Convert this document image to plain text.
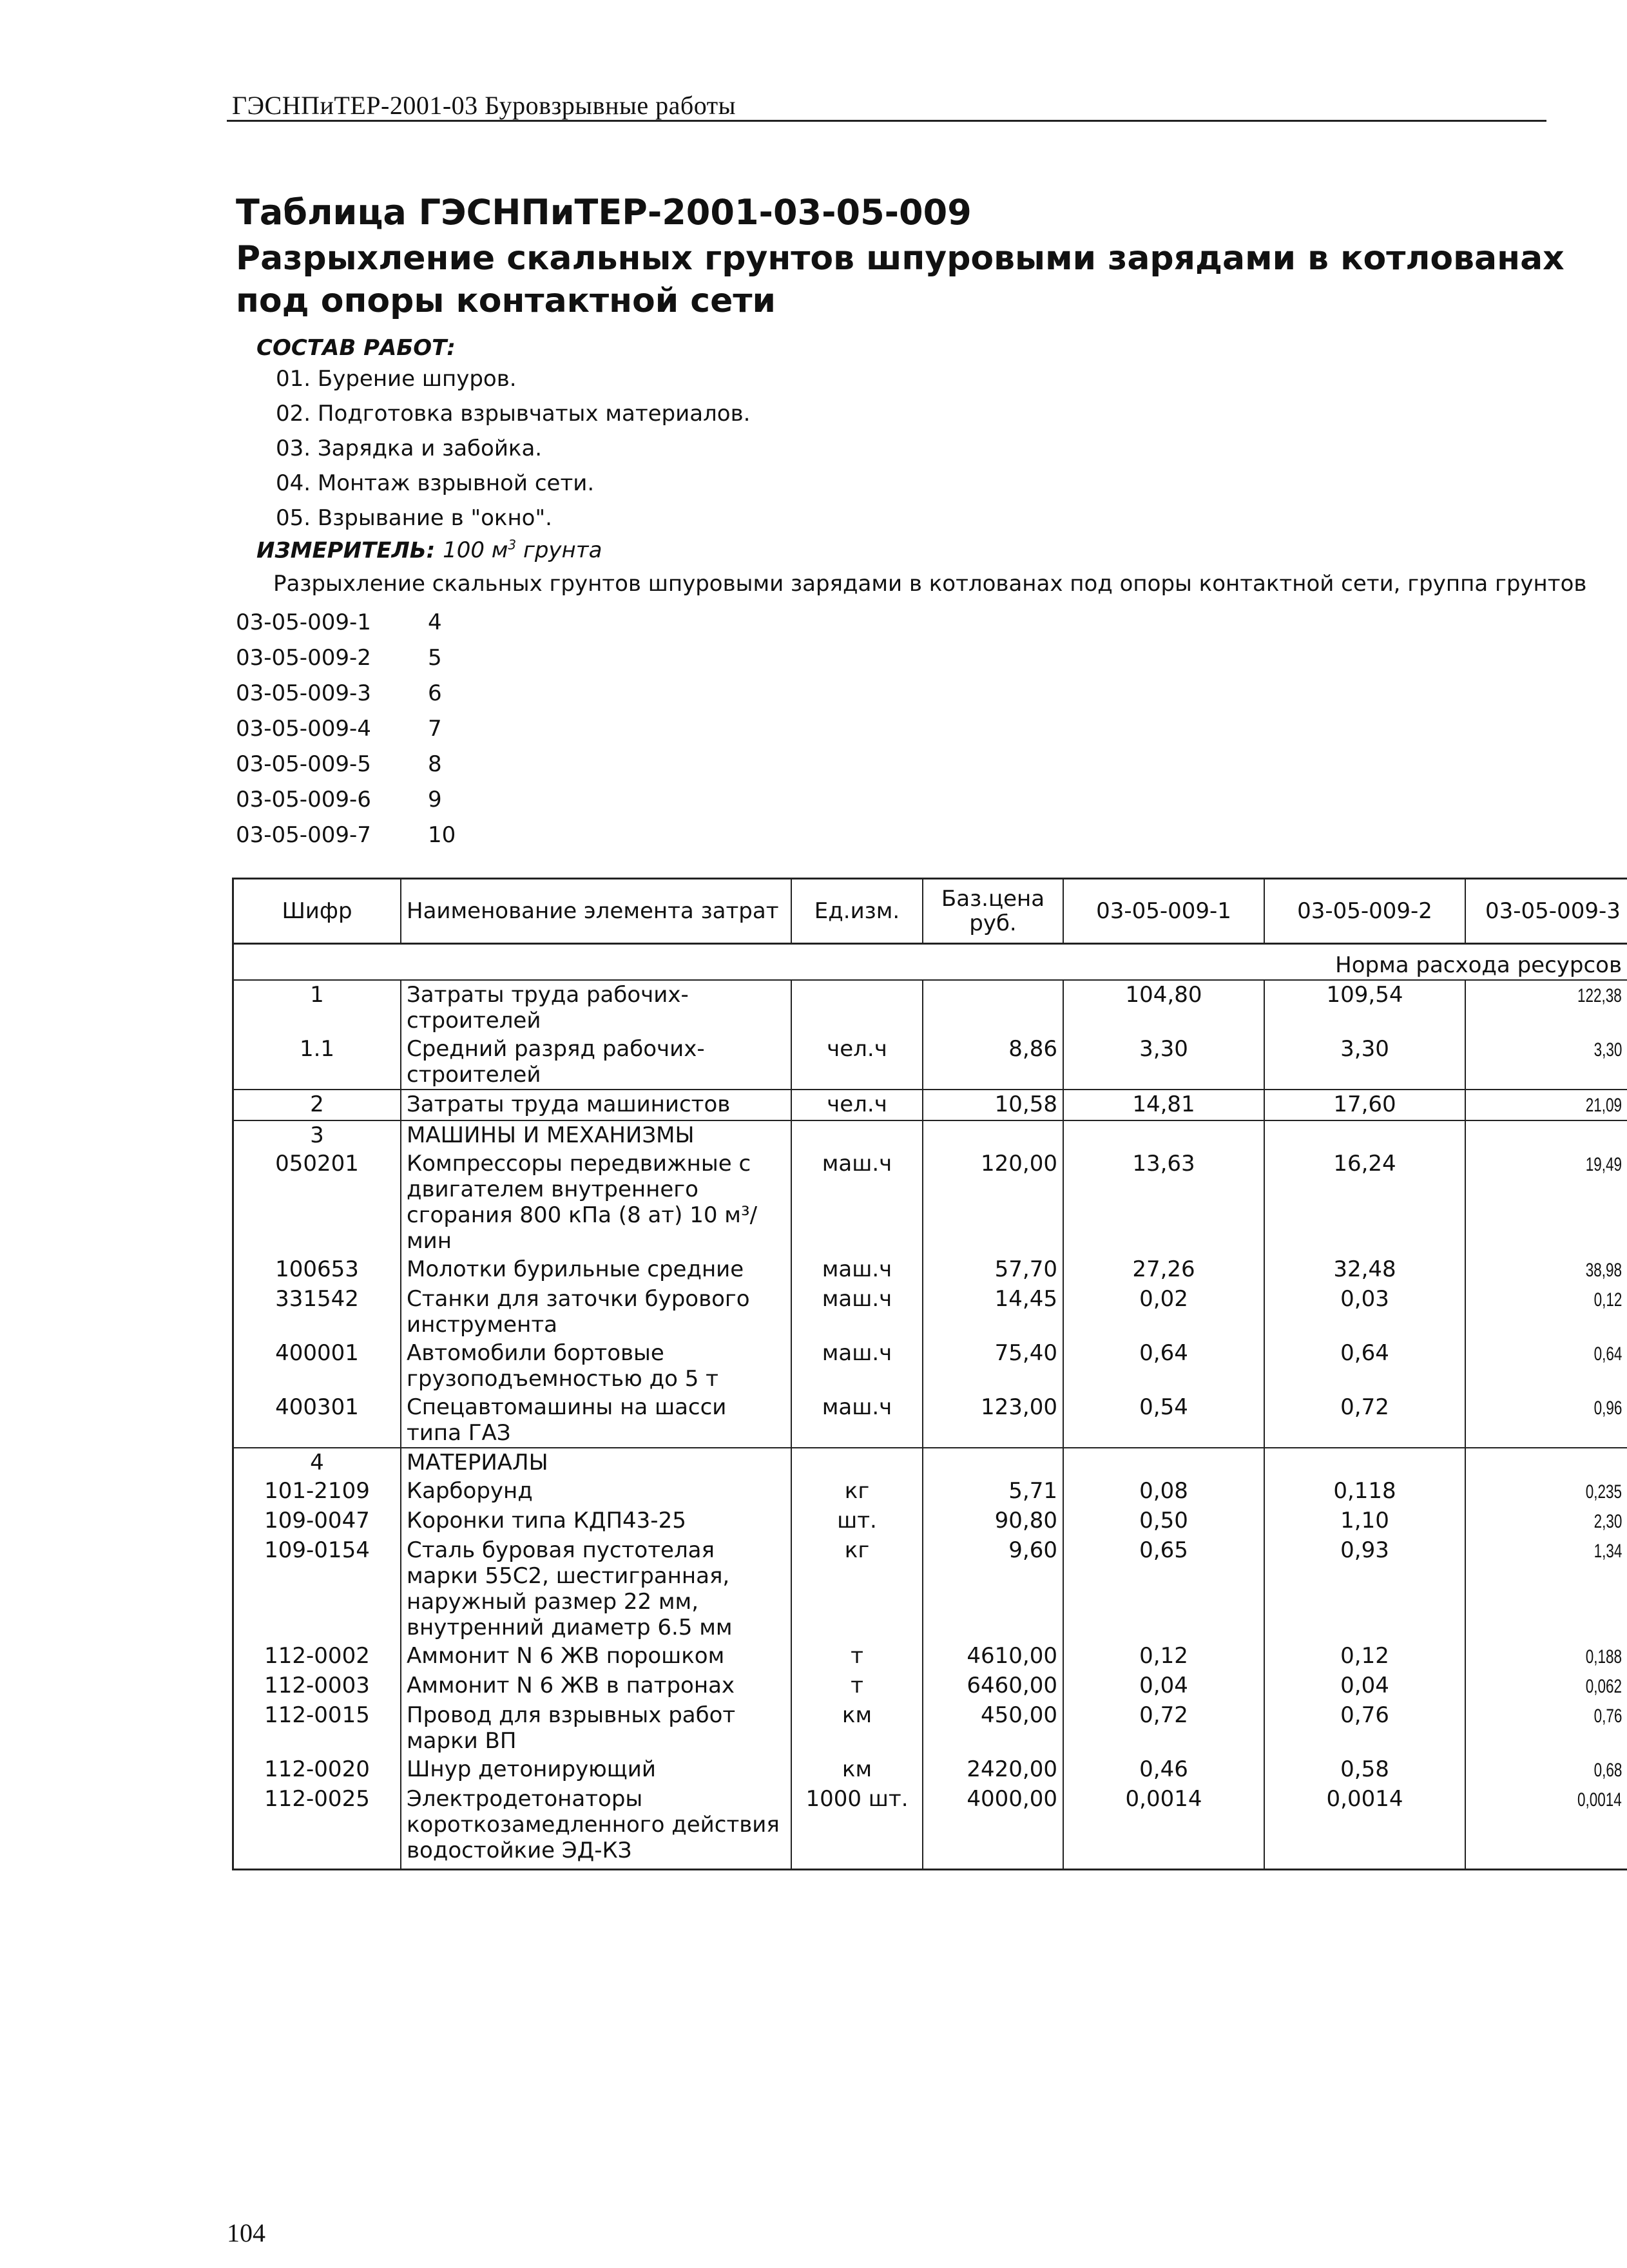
ГЭСНПиТЕР-2001-03 Буровзрывные работы
Таблица ГЭСНПиТЕР-2001-03-05-009
Разрыхление скальных грунтов шпуровыми зарядами в котлованах
под опоры контактной сети
СОСТАВ РАБОТ:
01. Бурение шпуров.
02. Подготовка взрывчатых материалов.
03. Зарядка и забойка.
04. Монтаж взрывной сети.
05. Взрывание в "окно".
ИЗМЕРИТЕЛЬ: 100 $м^3$ грунта
Разрыхление скальных грунтов шпуровыми зарядами в котлованах под опоры контактной сети, группа грунтов
03-05-009-1	4
03-05-009-2	5
03-05-009-3	6
03-05-009-4	7
03-05-009-5	8
03-05-009-6	9
03-05-009-7	10
Шифр	Наименование элемента затрат	Ед.изм.	Баз.цена руб.	03-05-009-1	03-05-009-2	03-05-009-3
Норма расхода ресурсов						
1	Затраты труда рабочих-строителей			104,80	109,54	122,38
1.1	Средний разряд рабочих-строителей	чел.ч	8,86	3,30	3,30	3,30
2	Затраты труда машинистов	чел.ч	10,58	14,81	17,60	21,09
3	МАШИНЫ И МЕХАНИЗМЫ					
050201	Компрессоры передвижные с двигателем внутреннего сгорания 800 кПа (8 ат) 10 м³/мин	маш.ч	120,00	13,63	16,24	19,49
100653	Молотки бурильные средние	маш.ч	57,70	27,26	32,48	38,98
331542	Станки для заточки бурового инструмента	маш.ч	14,45	0,02	0,03	0,12
400001	Автомобили бортовые грузоподъемностью до 5 т	маш.ч	75,40	0,64	0,64	0,64
400301	Спецавтомашины на шасси типа ГАЗ	маш.ч	123,00	0,54	0,72	0,96
4	МАТЕРИАЛЫ					
101-2109	Карборунд	кг	5,71	0,08	0,118	0,235
109-0047	Коронки типа КДП43-25	шт.	90,80	0,50	1,10	2,30
109-0154	Сталь буровая пустотелая марки 55С2, шестигранная, наружный размер 22 мм, внутренний диаметр 6.5 мм	кг	9,60	0,65	0,93	1,34
112-0002	Аммонит N 6 ЖВ порошком	т	4610,00	0,12	0,12	0,188
112-0003	Аммонит N 6 ЖВ в патронах	т	6460,00	0,04	0,04	0,062
112-0015	Провод для взрывных работ марки ВП	км	450,00	0,72	0,76	0,76
112-0020	Шнур детонирующий	км	2420,00	0,46	0,58	0,68
112-0025	Электродетонаторы короткозамедленного действия водостойкие ЭД-КЗ	1000 шт.	4000,00	0,0014	0,0014	0,0014
104
